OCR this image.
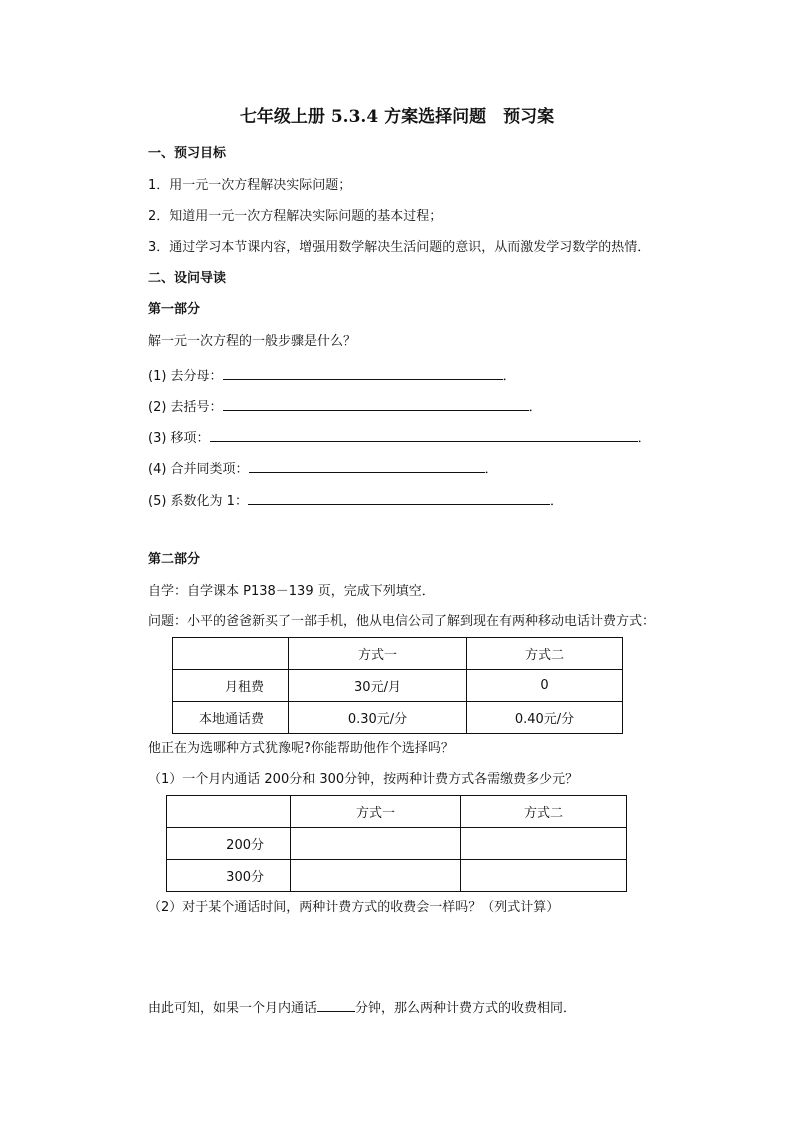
七年级上册 5.3.4 方案选择问题　预习案
一、预习目标
1．用一元一次方程解决实际问题；
2．知道用一元一次方程解决实际问题的基本过程；
3．通过学习本节课内容，增强用数学解决生活问题的意识，从而激发学习数学的热情．
二、设问导读
第一部分
解一元一次方程的一般步骤是什么？
(1) 去分母：	．
(2) 去括号：	．
(3) 移项：	．
(4) 合并同类项：	．
(5) 系数化为 1：	．
第二部分
自学：自学课本 P138－139 页，完成下列填空．
问题：小平的爸爸新买了一部手机，他从电信公司了解到现在有两种移动电话计费方式：
	方式一	方式二
月租费	30元/月	0
本地通话费	0.30元/分	0.40元/分
他正在为选哪种方式犹豫呢?你能帮助他作个选择吗？
（1）一个月内通话 200分和 300分钟，按两种计费方式各需缴费多少元？
	方式一	方式二
200分		
300分		
（2）对于某个通话时间，两种计费方式的收费会一样吗？（列式计算）
由此可知，如果一个月内通话	分钟，那么两种计费方式的收费相同．
